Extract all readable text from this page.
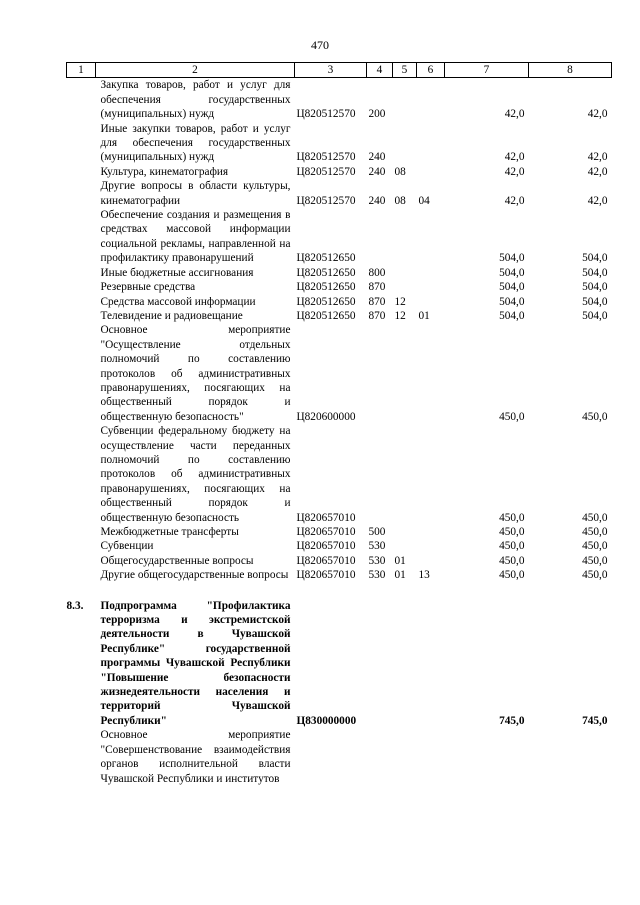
470
1	2	3	4	5	6	7	8
	Закупка товаров, работ и услуг для обеспечения государственных (муниципальных) нужд	Ц820512570	200			42,0	42,0
	Иные закупки товаров, работ и услуг для обеспечения государственных (муниципальных) нужд	Ц820512570	240			42,0	42,0
	Культура, кинематография	Ц820512570	240	08		42,0	42,0
	Другие вопросы в области культуры, кинематографии	Ц820512570	240	08	04	42,0	42,0
	Обеспечение создания и размещения в средствах массовой информации социальной рекламы, направленной на профилактику правонарушений	Ц820512650				504,0	504,0
	Иные бюджетные ассигнования	Ц820512650	800			504,0	504,0
	Резервные средства	Ц820512650	870			504,0	504,0
	Средства массовой информации	Ц820512650	870	12		504,0	504,0
	Телевидение и радиовещание	Ц820512650	870	12	01	504,0	504,0
	Основное мероприятие "Осуществление отдельных полномочий по составлению протоколов об административных правонарушениях, посягающих на общественный порядок и общественную безопасность"	Ц820600000				450,0	450,0
	Субвенции федеральному бюджету на осуществление части переданных полномочий по составлению протоколов об административных правонарушениях, посягающих на общественный порядок и общественную безопасность	Ц820657010				450,0	450,0
	Межбюджетные трансферты	Ц820657010	500			450,0	450,0
	Субвенции	Ц820657010	530			450,0	450,0
	Общегосударственные вопросы	Ц820657010	530	01		450,0	450,0
	Другие общегосударственные вопросы	Ц820657010	530	01	13	450,0	450,0

8.3.	Подпрограмма "Профилактика терроризма и экстремистской деятельности в Чувашской Республике" государственной программы Чувашской Республики "Повышение безопасности жизнедеятельности населения и территорий Чувашской Республики"	Ц830000000				745,0	745,0
	Основное мероприятие "Совершенствование взаимодействия органов исполнительной власти Чувашской Республики и институтов						
